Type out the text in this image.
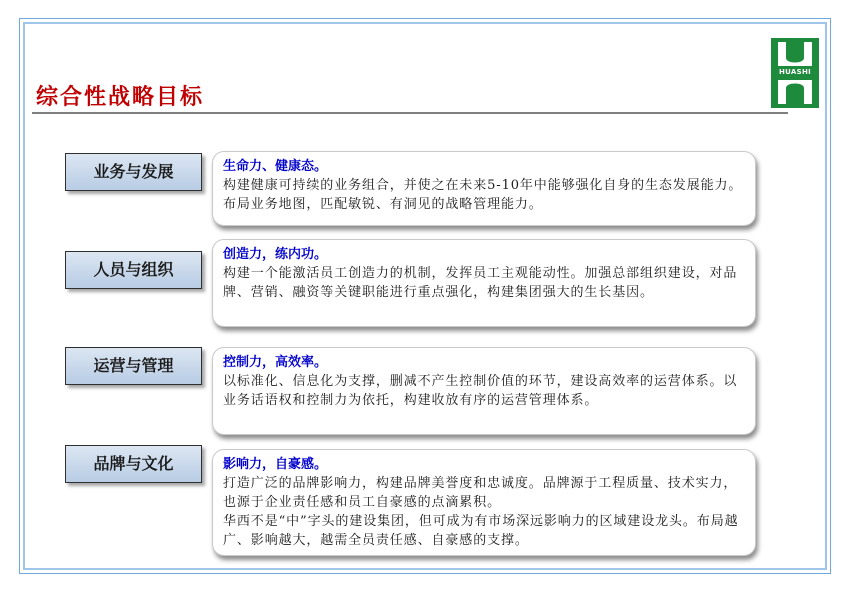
综合性战略目标
HUASHI
业务与发展	生命力、健康态。
构建健康可持续的业务组合，并使之在未来5-10年中能够强化自身的生态发展能力。布局业务地图，匹配敏锐、有洞见的战略管理能力。
人员与组织
创造力，练内功。
构建一个能激活员工创造力的机制，发挥员工主观能动性。加强总部组织建设，对品牌、营销、融资等关键职能进行重点强化，构建集团强大的生长基因。
运营与管理	控制力，高效率。
以标准化、信息化为支撑，删减不产生控制价值的环节，建设高效率的运营体系。以业务话语权和控制力为依托，构建收放有序的运营管理体系。
品牌与文化	影响力，自豪感。
打造广泛的品牌影响力，构建品牌美誉度和忠诚度。品牌源于工程质量、技术实力，也源于企业责任感和员工自豪感的点滴累积。
华西不是“中”字头的建设集团，但可成为有市场深远影响力的区域建设龙头。布局越广、影响越大，越需全员责任感、自豪感的支撑。
